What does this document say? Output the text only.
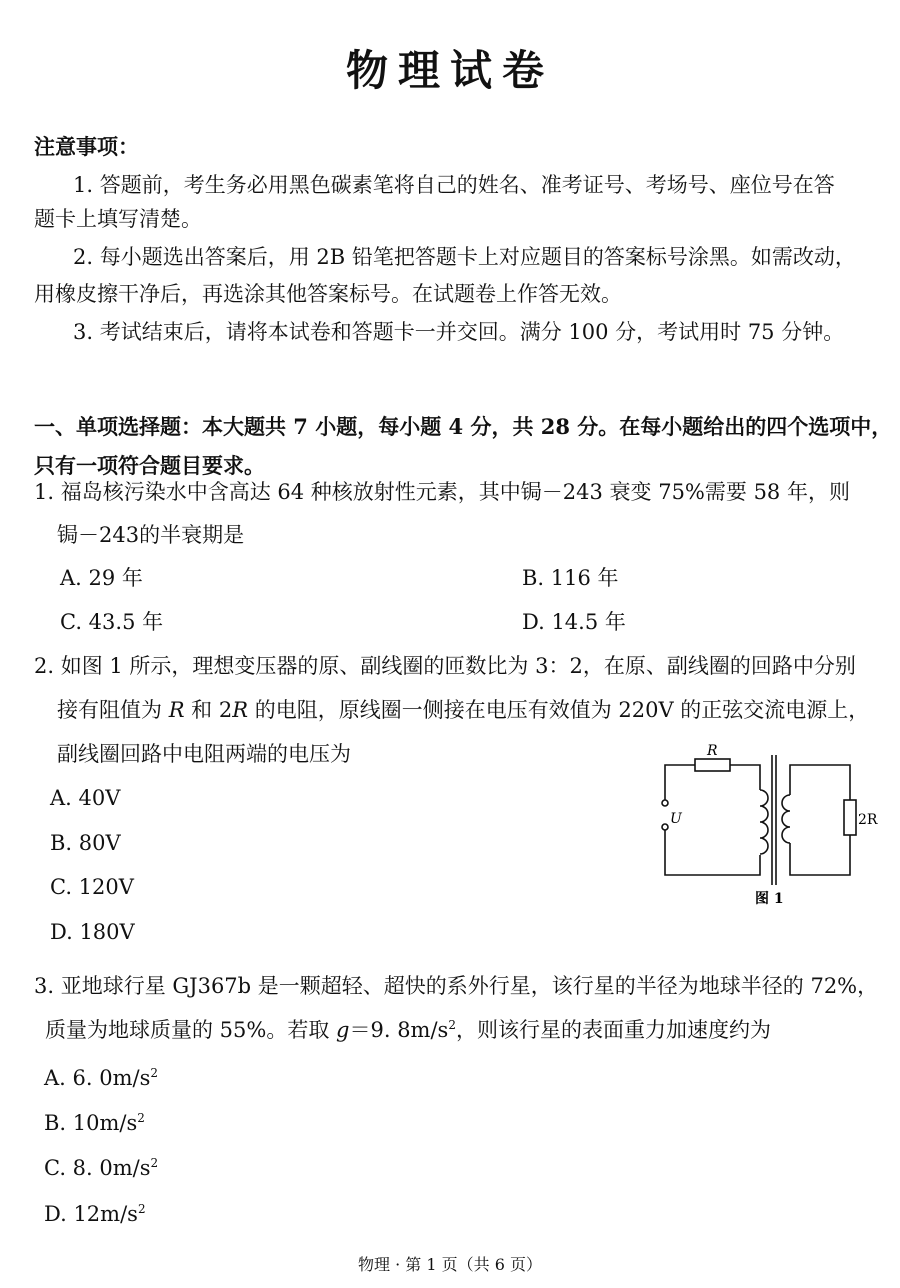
物理试卷
注意事项：
1. 答题前，考生务必用黑色碳素笔将自己的姓名、准考证号、考场号、座位号在答
题卡上填写清楚。
2. 每小题选出答案后，用 2B 铅笔把答题卡上对应题目的答案标号涂黑。如需改动，
用橡皮擦干净后，再选涂其他答案标号。在试题卷上作答无效。
3. 考试结束后，请将本试卷和答题卡一并交回。满分 100 分，考试用时 75 分钟。
一、单项选择题：本大题共 7 小题，每小题 4 分，共 28 分。在每小题给出的四个选项中，
只有一项符合题目要求。
1. 福岛核污染水中含高达 64 种核放射性元素，其中锔－243 衰变 75%需要 58 年，则
锔－243的半衰期是
A. 29 年	B. 116 年
C. 43.5 年	D. 14.5 年
2. 如图 1 所示，理想变压器的原、副线圈的匝数比为 3：2，在原、副线圈的回路中分别
接有阻值为 R 和 2R 的电阻，原线圈一侧接在电压有效值为 220V 的正弦交流电源上，
副线圈回路中电阻两端的电压为
A. 40V
B. 80V
C. 120V
D. 180V
R
U	2R
图 1
3. 亚地球行星 GJ367b 是一颗超轻、超快的系外行星，该行星的半径为地球半径的 72%，
质量为地球质量的 55%。若取 g＝9. $8m/s^2$，则该行星的表面重力加速度约为
A. 6. $0m/s^2$
B. $10m/s^2$
C. 8. $0m/s^2$
D. $12m/s^2$
物理 · 第 1 页（共 6 页）
